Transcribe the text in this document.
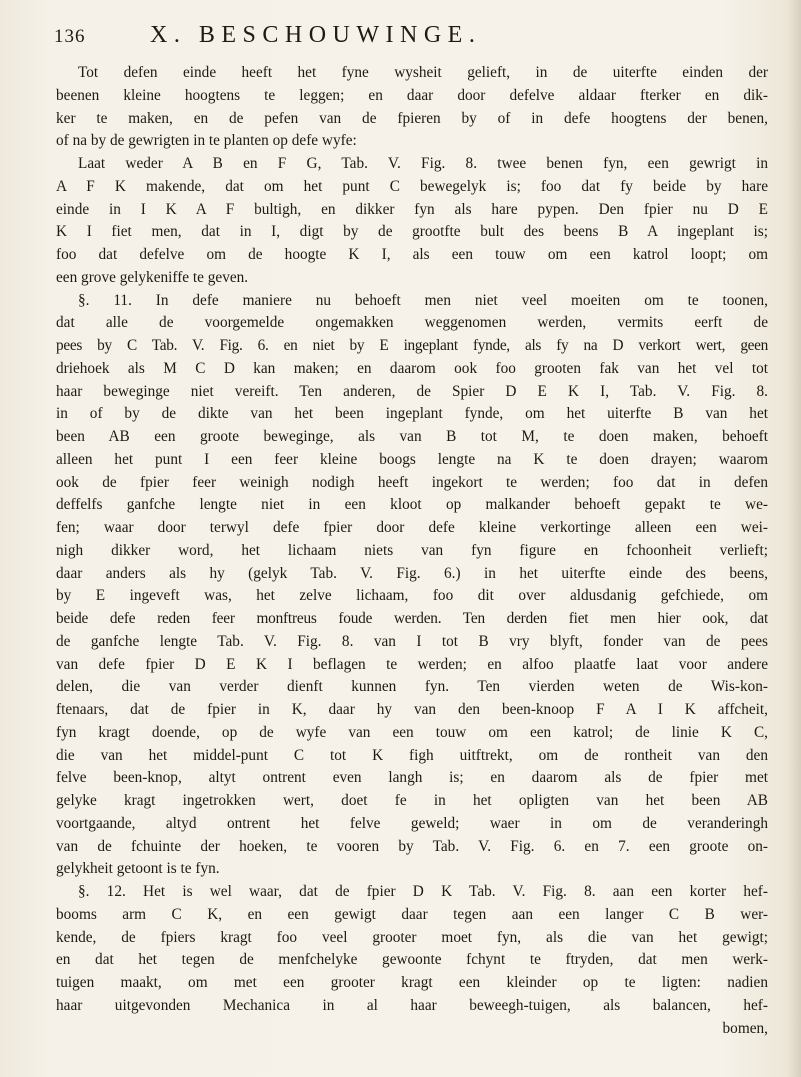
136	X. BESCHOUWINGE.
Tot defen einde heeft het fyne wysheit gelieft, in de uiterfte einden der
beenen kleine hoogtens te leggen; en daar door defelve aldaar fterker en dik-
ker te maken, en de pefen van de fpieren by of in defe hoogtens der benen,
of na by de gewrigten in te planten op defe wyfe:
Laat weder A B en F G, Tab. V. Fig. 8. twee benen fyn, een gewrigt in
A F K makende, dat om het punt C bewegelyk is; foo dat fy beide by hare
einde in I K A F bultigh, en dikker fyn als hare pypen. Den fpier nu D E
K I fiet men, dat in I, digt by de grootfte bult des beens B A ingeplant is;
foo dat defelve om de hoogte K I, als een touw om een katrol loopt; om
een grove gelykeniffe te geven.
§. 11. In defe maniere nu behoeft men niet veel moeiten om te toonen,
dat alle de voorgemelde ongemakken weggenomen werden, vermits eerft de
pees by C Tab. V. Fig. 6. en niet by E ingeplant fynde, als fy na D verkort wert, geen
driehoek als M C D kan maken; en daarom ook foo grooten fak van het vel tot
haar beweginge niet vereift. Ten anderen, de Spier D E K I, Tab. V. Fig. 8.
in of by de dikte van het been ingeplant fynde, om het uiterfte B van het
been AB een groote beweginge, als van B tot M, te doen maken, behoeft
alleen het punt I een feer kleine boogs lengte na K te doen drayen; waarom
ook de fpier feer weinigh nodigh heeft ingekort te werden; foo dat in defen
deffelfs ganfche lengte niet in een kloot op malkander behoeft gepakt te we-
fen; waar door terwyl defe fpier door defe kleine verkortinge alleen een wei-
nigh dikker word, het lichaam niets van fyn figure en fchoonheit verlieft;
daar anders als hy (gelyk Tab. V. Fig. 6.) in het uiterfte einde des beens,
by E ingeveft was, het zelve lichaam, foo dit over aldusdanig gefchiede, om
beide defe reden feer monftreus foude werden. Ten derden fiet men hier ook, dat
de ganfche lengte Tab. V. Fig. 8. van I tot B vry blyft, fonder van de pees
van defe fpier D E K I beflagen te werden; en alfoo plaatfe laat voor andere
delen, die van verder dienft kunnen fyn. Ten vierden weten de Wis-kon-
ftenaars, dat de fpier in K, daar hy van den been-knoop F A I K affcheit,
fyn kragt doende, op de wyfe van een touw om een katrol; de linie K C,
die van het middel-punt C tot K figh uitftrekt, om de rontheit van den
felve been-knop, altyt ontrent even langh is; en daarom als de fpier met
gelyke kragt ingetrokken wert, doet fe in het opligten van het been AB
voortgaande, altyd ontrent het felve geweld; waer in om de veranderingh
van de fchuinte der hoeken, te vooren by Tab. V. Fig. 6. en 7. een groote on-
gelykheit getoont is te fyn.
§. 12. Het is wel waar, dat de fpier D K Tab. V. Fig. 8. aan een korter hef-
booms arm C K, en een gewigt daar tegen aan een langer C B wer-
kende, de fpiers kragt foo veel grooter moet fyn, als die van het gewigt;
en dat het tegen de menfchelyke gewoonte fchynt te ftryden, dat men werk-
tuigen maakt, om met een grooter kragt een kleinder op te ligten: nadien
haar uitgevonden Mechanica in al haar beweegh-tuigen, als balancen, hef-
bomen,
